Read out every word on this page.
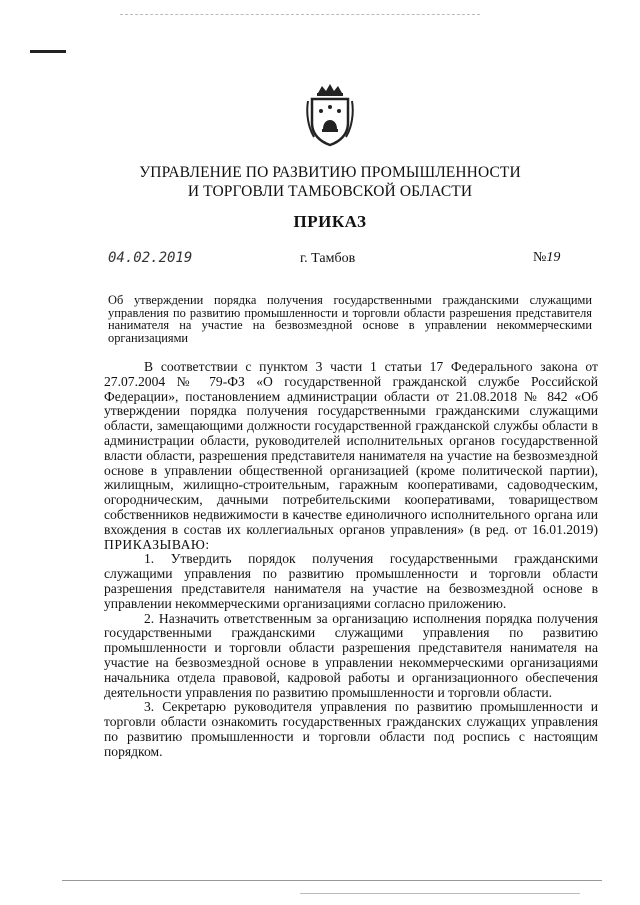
УПРАВЛЕНИЕ ПО РАЗВИТИЮ ПРОМЫШЛЕННОСТИ
И ТОРГОВЛИ ТАМБОВСКОЙ ОБЛАСТИ
ПРИКАЗ
04.02.2019	г. Тамбов	№19
Об утверждении порядка получения государственными гражданскими служащими управления по развитию промышленности и торговли области разрешения представителя нанимателя на участие на безвозмездной основе в управлении некоммерческими организациями

В соответствии с пунктом 3 части 1 статьи 17 Федерального закона от 27.07.2004 № 79-ФЗ «О государственной гражданской службе Российской Федерации», постановлением администрации области от 21.08.2018 № 842 «Об утверждении порядка получения государственными гражданскими служащими области, замещающими должности государственной гражданской службы области в администрации области, руководителей исполнительных органов государственной власти области, разрешения представителя нанимателя на участие на безвозмездной основе в управлении общественной организацией (кроме политической партии), жилищным, жилищно-строительным, гаражным кооперативами, садоводческим, огородническим, дачными потребительскими кооперативами, товариществом собственников недвижимости в качестве единоличного исполнительного органа или вхождения в состав их коллегиальных органов управления» (в ред. от 16.01.2019) ПРИКАЗЫВАЮ:

1. Утвердить порядок получения государственными гражданскими служащими управления по развитию промышленности и торговли области разрешения представителя нанимателя на участие на безвозмездной основе в управлении некоммерческими организациями согласно приложению.

2. Назначить ответственным за организацию исполнения порядка получения государственными гражданскими служащими управления по развитию промышленности и торговли области разрешения представителя нанимателя на участие на безвозмездной основе в управлении некоммерческими организациями начальника отдела правовой, кадровой работы и организационного обеспечения деятельности управления по развитию промышленности и торговли области.

3. Секретарю руководителя управления по развитию промышленности и торговли области ознакомить государственных гражданских служащих управления по развитию промышленности и торговли области под роспись с настоящим порядком.
